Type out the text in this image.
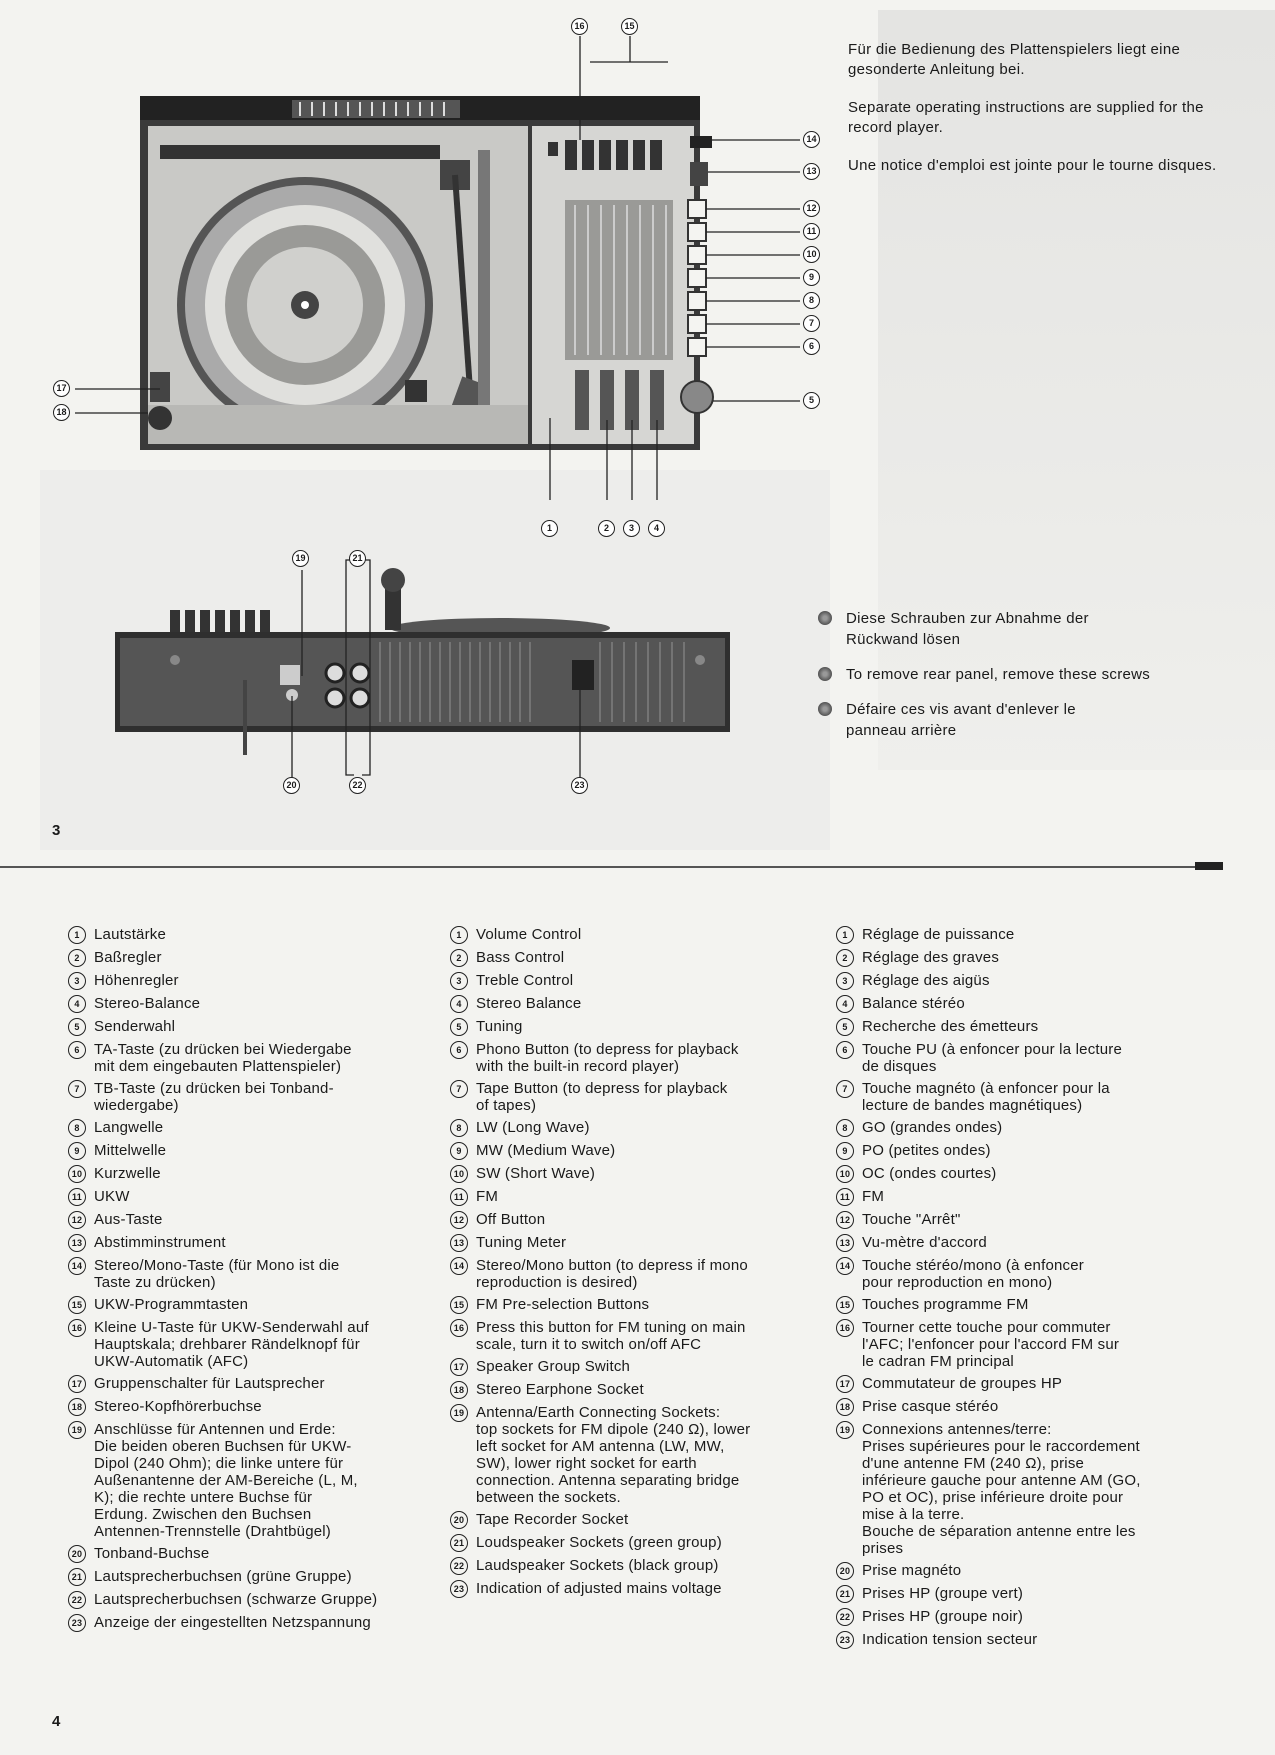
16	15
14
13
12
11
10
9
8
7
6
5
17
18
1	2	3	4

Für die Bedienung des Plattenspielers liegt eine gesonderte Anleitung bei.

Separate operating instructions are supplied for the record player.

Une notice d'emploi est jointe pour le tourne disques.

19	21
20	22	23
Diese Schrauben zur Abnahme der Rückwand lösen
To remove rear panel, remove these screws
Défaire ces vis avant d'enlever le panneau arrière
3
1 Lautstärke
2 Baßregler
3 Höhenregler
4 Stereo-Balance
5 Senderwahl
6 TA-Taste (zu drücken bei Wiedergabe
mit dem eingebauten Plattenspieler)
7 TB-Taste (zu drücken bei Tonband-
wiedergabe)
8 Langwelle
9 Mittelwelle
10 Kurzwelle
11 UKW
12 Aus-Taste
13 Abstimminstrument
14 Stereo/Mono-Taste (für Mono ist die
Taste zu drücken)
15 UKW-Programmtasten
16 Kleine U-Taste für UKW-Senderwahl auf
Hauptskala; drehbarer Rändelknopf für
UKW-Automatik (AFC)
17 Gruppenschalter für Lautsprecher
18 Stereo-Kopfhörerbuchse
19 Anschlüsse für Antennen und Erde:
Die beiden oberen Buchsen für UKW-
Dipol (240 Ohm); die linke untere für
Außenantenne der AM-Bereiche (L, M,
K); die rechte untere Buchse für
Erdung. Zwischen den Buchsen
Antennen-Trennstelle (Drahtbügel)
20 Tonband-Buchse
21 Lautsprecherbuchsen (grüne Gruppe)
22 Lautsprecherbuchsen (schwarze Gruppe)
23 Anzeige der eingestellten Netzspannung
1 Volume Control
2 Bass Control
3 Treble Control
4 Stereo Balance
5 Tuning
6 Phono Button (to depress for playback
with the built-in record player)
7 Tape Button (to depress for playback
of tapes)
8 LW (Long Wave)
9 MW (Medium Wave)
10 SW (Short Wave)
11 FM
12 Off Button
13 Tuning Meter
14 Stereo/Mono button (to depress if mono
reproduction is desired)
15 FM Pre-selection Buttons
16 Press this button for FM tuning on main
scale, turn it to switch on/off AFC
17 Speaker Group Switch
18 Stereo Earphone Socket
19 Antenna/Earth Connecting Sockets:
top sockets for FM dipole (240 Ω), lower
left socket for AM antenna (LW, MW,
SW), lower right socket for earth
connection. Antenna separating bridge
between the sockets.
20 Tape Recorder Socket
21 Loudspeaker Sockets (green group)
22 Laudspeaker Sockets (black group)
23 Indication of adjusted mains voltage
1 Réglage de puissance
2 Réglage des graves
3 Réglage des aigüs
4 Balance stéréo
5 Recherche des émetteurs
6 Touche PU (à enfoncer pour la lecture
de disques
7 Touche magnéto (à enfoncer pour la
lecture de bandes magnétiques)
8 GO (grandes ondes)
9 PO (petites ondes)
10 OC (ondes courtes)
11 FM
12 Touche "Arrêt"
13 Vu-mètre d'accord
14 Touche stéréo/mono (à enfoncer
pour reproduction en mono)
15 Touches programme FM
16 Tourner cette touche pour commuter
l'AFC; l'enfoncer pour l'accord FM sur
le cadran FM principal
17 Commutateur de groupes HP
18 Prise casque stéréo
19 Connexions antennes/terre:
Prises supérieures pour le raccordement
d'une antenne FM (240 Ω), prise
inférieure gauche pour antenne AM (GO,
PO et OC), prise inférieure droite pour
mise à la terre.
Bouche de séparation antenne entre les
prises
20 Prise magnéto
21 Prises HP (groupe vert)
22 Prises HP (groupe noir)
23 Indication tension secteur
4
